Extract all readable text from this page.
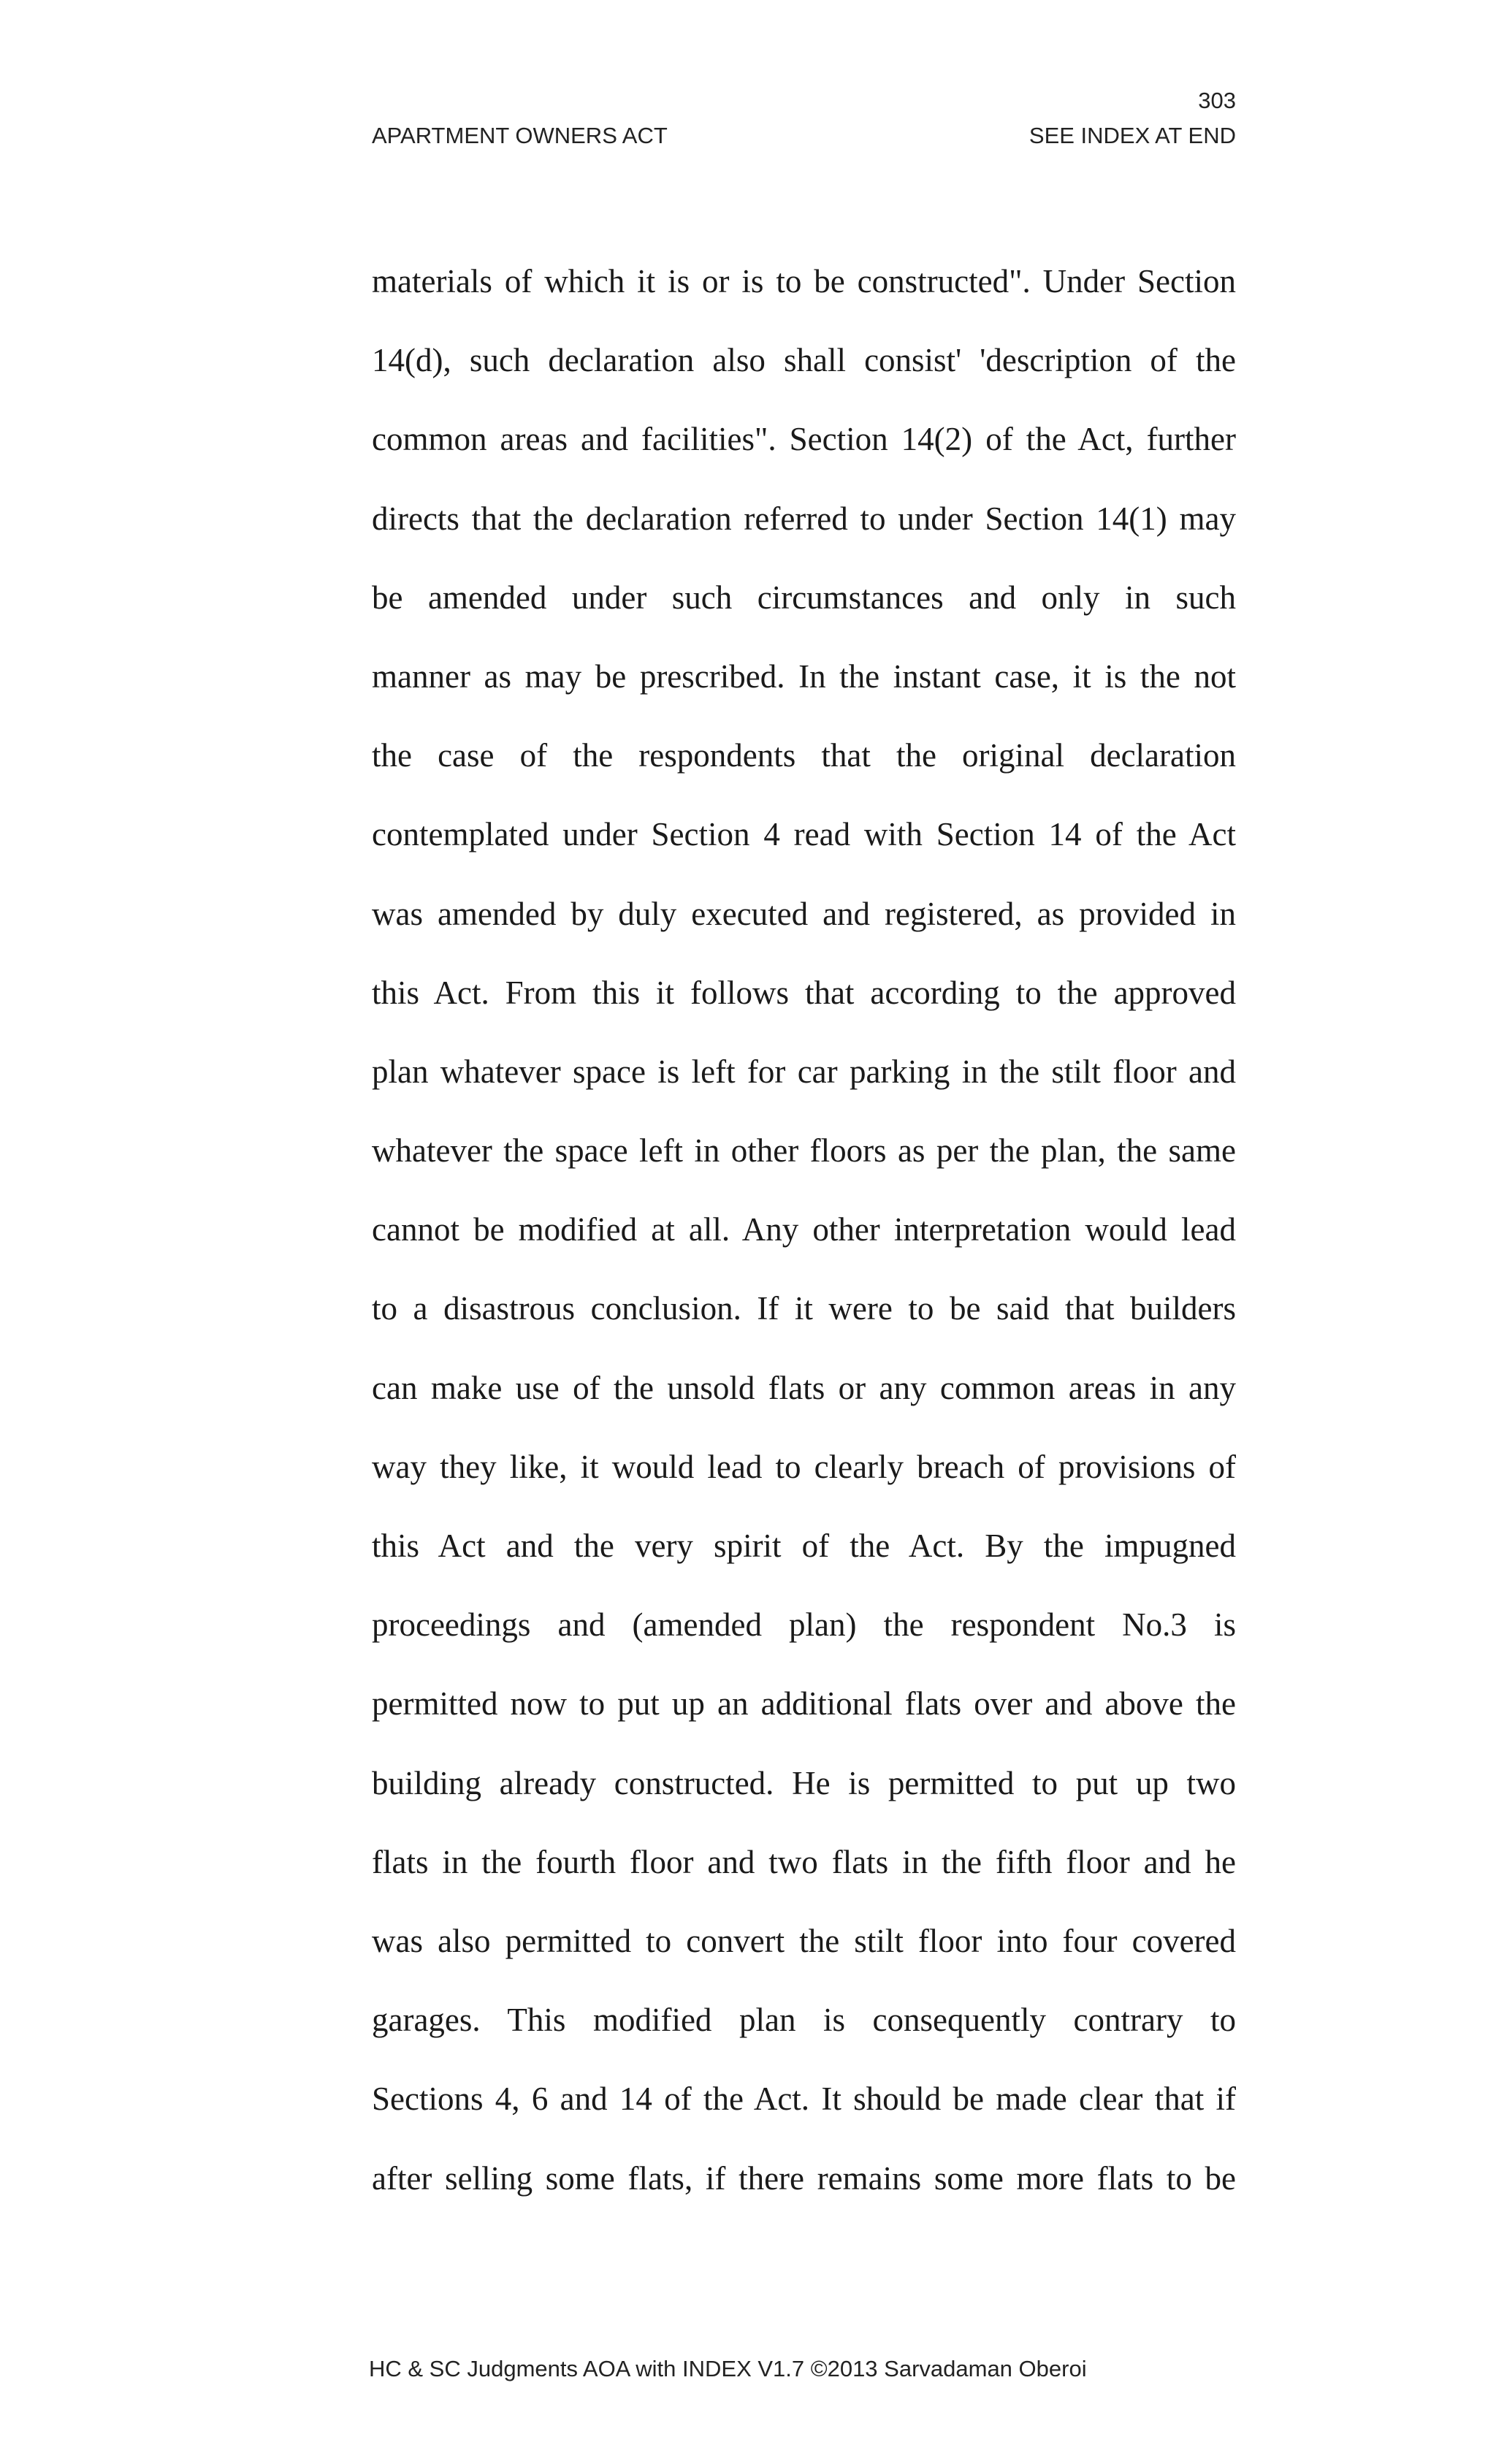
303
APARTMENT OWNERS ACT	SEE INDEX AT END
materials of which it is or is to be constructed". Under Section
14(d), such declaration also shall consist' 'description of the
common areas and facilities". Section 14(2) of the Act, further
directs that the declaration referred to under Section 14(1) may
be amended under such circumstances and only in such
manner as may be prescribed. In the instant case, it is the not
the case of the respondents that the original declaration
contemplated under Section 4 read with Section 14 of the Act
was amended by duly executed and registered, as provided in
this Act. From this it follows that according to the approved
plan whatever space is left for car parking in the stilt floor and
whatever the space left in other floors as per the plan, the same
cannot be modified at all. Any other interpretation would lead
to a disastrous conclusion. If it were to be said that builders
can make use of the unsold flats or any common areas in any
way they like, it would lead to clearly breach of provisions of
this Act and the very spirit of the Act. By the impugned
proceedings and (amended plan) the respondent No.3 is
permitted now to put up an additional flats over and above the
building already constructed. He is permitted to put up two
flats in the fourth floor and two flats in the fifth floor and he
was also permitted to convert the stilt floor into four covered
garages. This modified plan is consequently contrary to
Sections 4, 6 and 14 of the Act. It should be made clear that if
after selling some flats, if there remains some more flats to be
HC & SC Judgments AOA with INDEX V1.7 ©2013 Sarvadaman Oberoi
